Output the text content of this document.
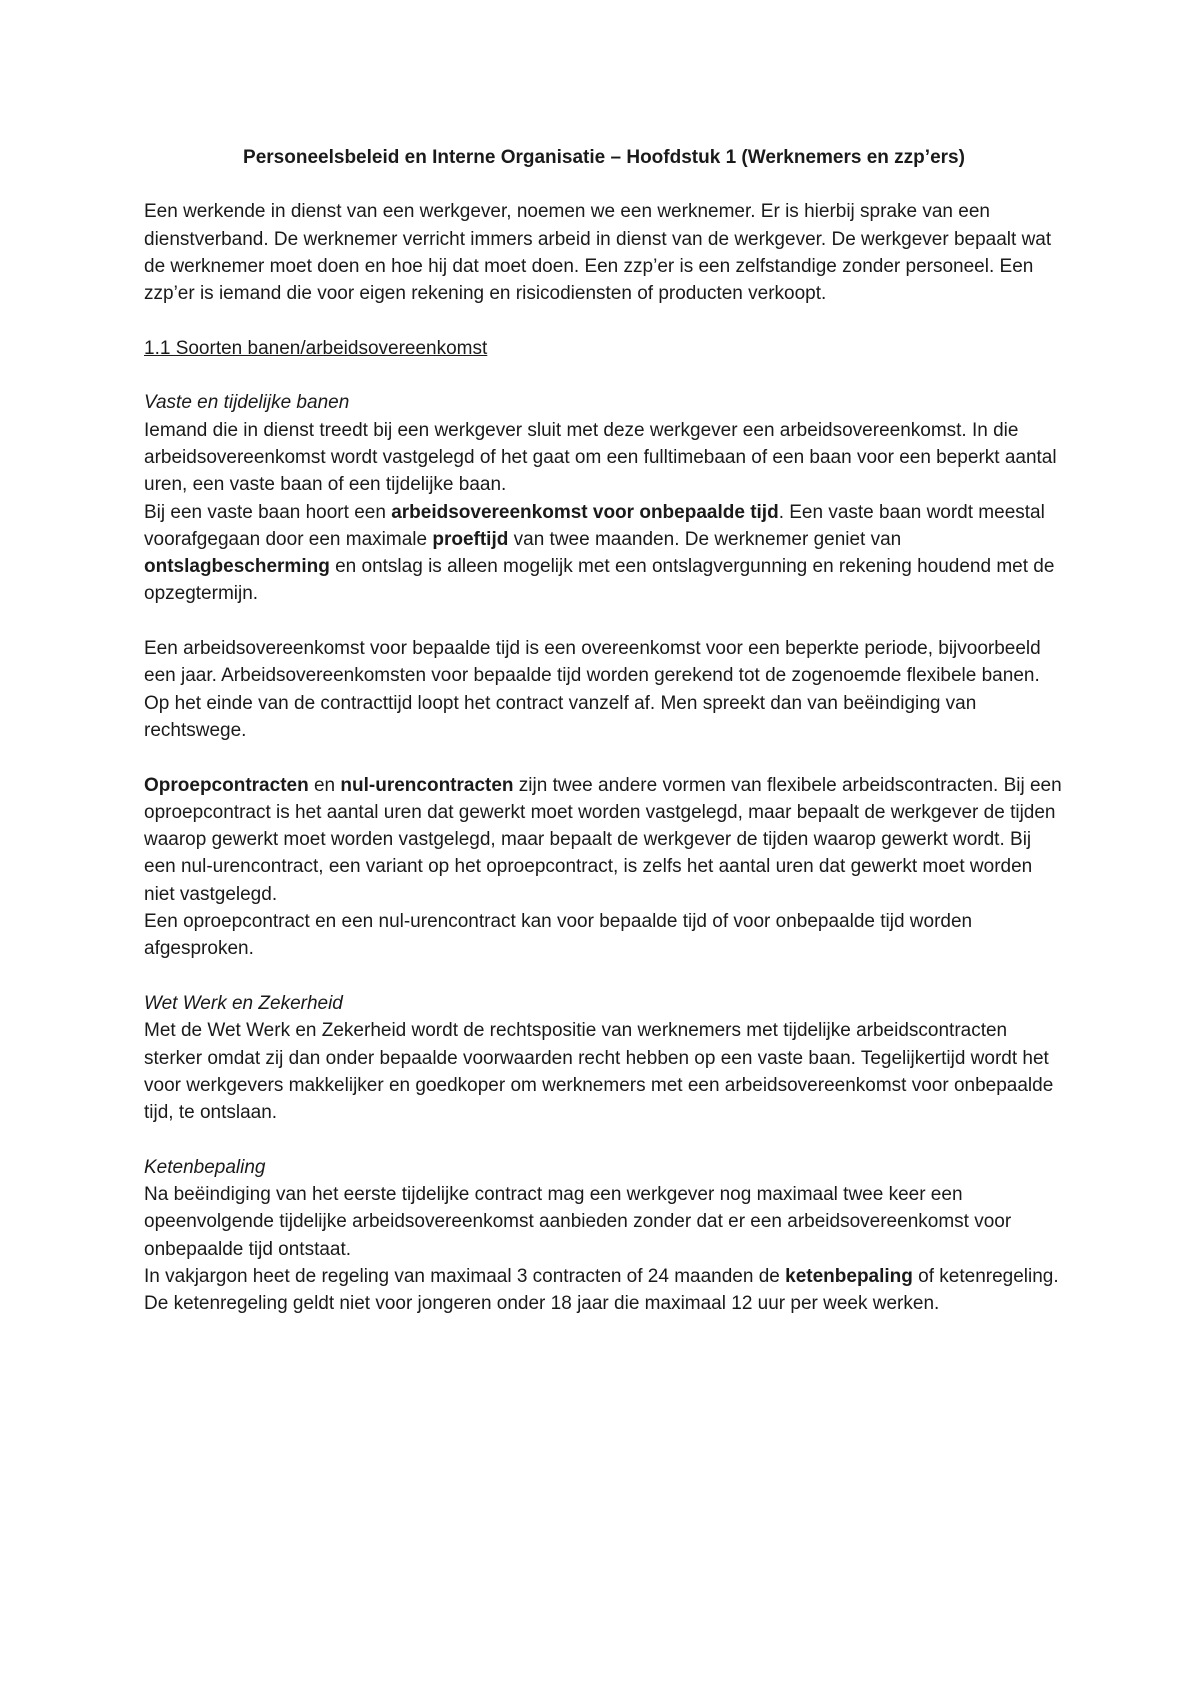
Personeelsbeleid en Interne Organisatie – Hoofdstuk 1 (Werknemers en zzp’ers)

Een werkende in dienst van een werkgever, noemen we een werknemer. Er is hierbij sprake van een dienstverband. De werknemer verricht immers arbeid in dienst van de werkgever. De werkgever bepaalt wat de werknemer moet doen en hoe hij dat moet doen. Een zzp’er is een zelfstandige zonder personeel. Een zzp’er is iemand die voor eigen rekening en risicodiensten of producten verkoopt.

1.1 Soorten banen/arbeidsovereenkomst

Vaste en tijdelijke banen

Iemand die in dienst treedt bij een werkgever sluit met deze werkgever een arbeidsovereenkomst. In die arbeidsovereenkomst wordt vastgelegd of het gaat om een fulltimebaan of een baan voor een beperkt aantal uren, een vaste baan of een tijdelijke baan.

Bij een vaste baan hoort een arbeidsovereenkomst voor onbepaalde tijd. Een vaste baan wordt meestal voorafgegaan door een maximale proeftijd van twee maanden. De werknemer geniet van ontslagbescherming en ontslag is alleen mogelijk met een ontslagvergunning en rekening houdend met de opzegtermijn.

Een arbeidsovereenkomst voor bepaalde tijd is een overeenkomst voor een beperkte periode, bijvoorbeeld een jaar. Arbeidsovereenkomsten voor bepaalde tijd worden gerekend tot de zogenoemde flexibele banen.

Op het einde van de contracttijd loopt het contract vanzelf af. Men spreekt dan van beëindiging van rechtswege.

Oproepcontracten en nul-urencontracten zijn twee andere vormen van flexibele arbeidscontracten. Bij een oproepcontract is het aantal uren dat gewerkt moet worden vastgelegd, maar bepaalt de werkgever de tijden waarop gewerkt moet worden vastgelegd, maar bepaalt de werkgever de tijden waarop gewerkt wordt. Bij een nul-urencontract, een variant op het oproepcontract, is zelfs het aantal uren dat gewerkt moet worden niet vastgelegd.

Een oproepcontract en een nul-urencontract kan voor bepaalde tijd of voor onbepaalde tijd worden afgesproken.

Wet Werk en Zekerheid

Met de Wet Werk en Zekerheid wordt de rechtspositie van werknemers met tijdelijke arbeidscontracten sterker omdat zij dan onder bepaalde voorwaarden recht hebben op een vaste baan. Tegelijkertijd wordt het voor werkgevers makkelijker en goedkoper om werknemers met een arbeidsovereenkomst voor onbepaalde tijd, te ontslaan.

Ketenbepaling

Na beëindiging van het eerste tijdelijke contract mag een werkgever nog maximaal twee keer een opeenvolgende tijdelijke arbeidsovereenkomst aanbieden zonder dat er een arbeidsovereenkomst voor onbepaalde tijd ontstaat.

In vakjargon heet de regeling van maximaal 3 contracten of 24 maanden de ketenbepaling of ketenregeling. De ketenregeling geldt niet voor jongeren onder 18 jaar die maximaal 12 uur per week werken.
